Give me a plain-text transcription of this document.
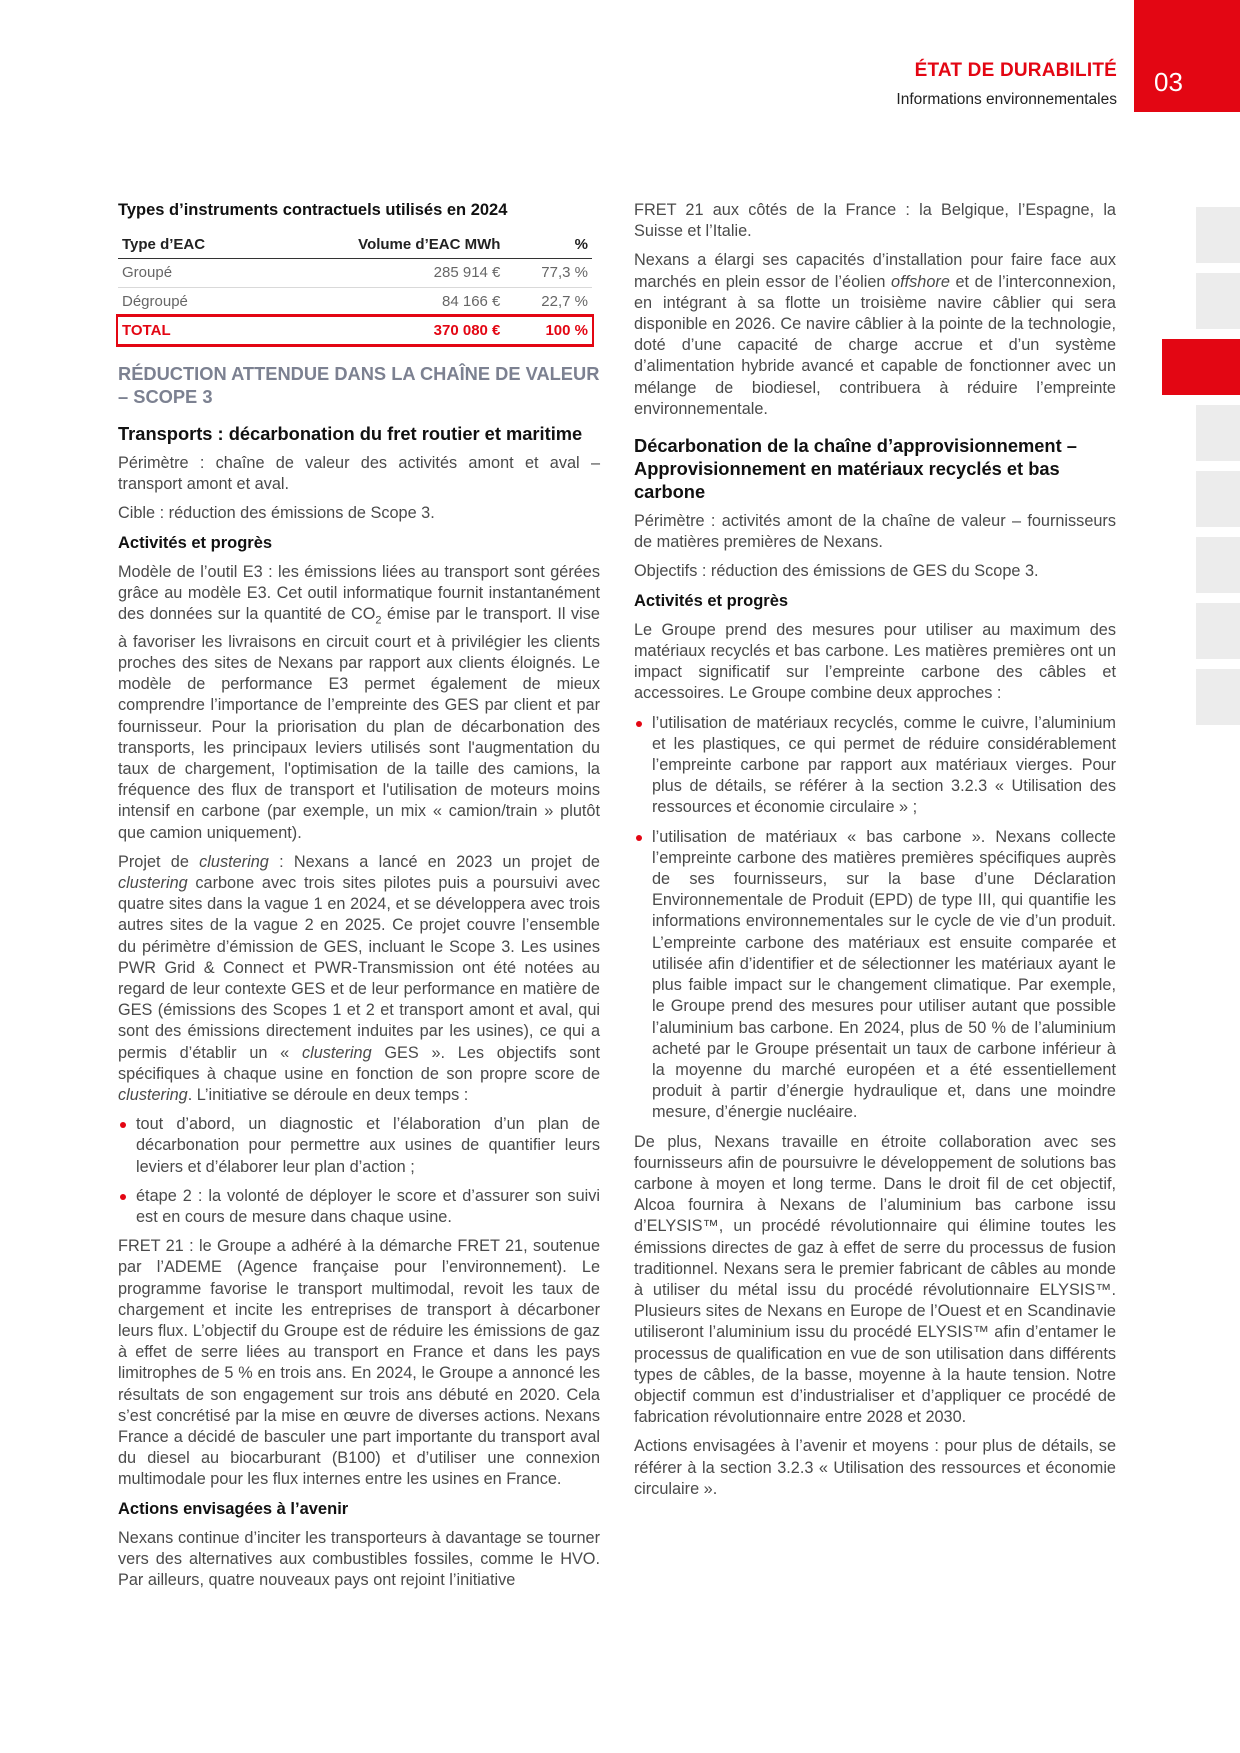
ÉTAT DE DURABILITÉ
Informations environnementales
03
Types d’instruments contractuels utilisés en 2024
Type d’EAC	Volume d’EAC MWh	%
Groupé	285 914 €	77,3 %
Dégroupé	84 166 €	22,7 %
TOTAL	370 080 €	100 %
RÉDUCTION ATTENDUE DANS LA CHAÎNE DE VALEUR – SCOPE 3
Transports : décarbonation du fret routier et maritime

Périmètre : chaîne de valeur des activités amont et aval – transport amont et aval.

Cible : réduction des émissions de Scope 3.

Activités et progrès

Modèle de l’outil E3 : les émissions liées au transport sont gérées grâce au modèle E3. Cet outil informatique fournit instantanément des données sur la quantité de $CO_2$ émise par le transport. Il vise à favoriser les livraisons en circuit court et à privilégier les clients proches des sites de Nexans par rapport aux clients éloignés. Le modèle de performance E3 permet également de mieux comprendre l’importance de l’empreinte des GES par client et par fournisseur. Pour la priorisation du plan de décarbonation des transports, les principaux leviers utilisés sont l'augmentation du taux de chargement, l'optimisation de la taille des camions, la fréquence des flux de transport et l'utilisation de moteurs moins intensif en carbone (par exemple, un mix « camion/train » plutôt que camion uniquement).

Projet de clustering : Nexans a lancé en 2023 un projet de clustering carbone avec trois sites pilotes puis a poursuivi avec quatre sites dans la vague 1 en 2024, et se développera avec trois autres sites de la vague 2 en 2025. Ce projet couvre l’ensemble du périmètre d’émission de GES, incluant le Scope 3. Les usines PWR Grid & Connect et PWR-Transmission ont été notées au regard de leur contexte GES et de leur performance en matière de GES (émissions des Scopes 1 et 2 et transport amont et aval, qui sont des émissions directement induites par les usines), ce qui a permis d’établir un « clustering GES ». Les objectifs sont spécifiques à chaque usine en fonction de son propre score de clustering. L’initiative se déroule en deux temps :

tout d’abord, un diagnostic et l’élaboration d’un plan de décarbonation pour permettre aux usines de quantifier leurs leviers et d’élaborer leur plan d’action ;
étape 2 : la volonté de déployer le score et d’assurer son suivi est en cours de mesure dans chaque usine.

FRET 21 : le Groupe a adhéré à la démarche FRET 21, soutenue par l’ADEME (Agence française pour l’environnement). Le programme favorise le transport multimodal, revoit les taux de chargement et incite les entreprises de transport à décarboner leurs flux. L’objectif du Groupe est de réduire les émissions de gaz à effet de serre liées au transport en France et dans les pays limitrophes de 5 % en trois ans. En 2024, le Groupe a annoncé les résultats de son engagement sur trois ans débuté en 2020. Cela s’est concrétisé par la mise en œuvre de diverses actions. Nexans France a décidé de basculer une part importante du transport aval du diesel au biocarburant (B100) et d’utiliser une connexion multimodale pour les flux internes entre les usines en France.

Actions envisagées à l’avenir

Nexans continue d’inciter les transporteurs à davantage se tourner vers des alternatives aux combustibles fossiles, comme le HVO. Par ailleurs, quatre nouveaux pays ont rejoint l’initiative

FRET 21 aux côtés de la France : la Belgique, l’Espagne, la Suisse et l’Italie.

Nexans a élargi ses capacités d’installation pour faire face aux marchés en plein essor de l’éolien offshore et de l’interconnexion, en intégrant à sa flotte un troisième navire câblier qui sera disponible en 2026. Ce navire câblier à la pointe de la technologie, doté d’une capacité de charge accrue et d’un système d’alimentation hybride avancé et capable de fonctionner avec un mélange de biodiesel, contribuera à réduire l’empreinte environnementale.

Décarbonation de la chaîne d’approvisionnement – Approvisionnement en matériaux recyclés et bas carbone

Périmètre : activités amont de la chaîne de valeur – fournisseurs de matières premières de Nexans.

Objectifs : réduction des émissions de GES du Scope 3.

Activités et progrès

Le Groupe prend des mesures pour utiliser au maximum des matériaux recyclés et bas carbone. Les matières premières ont un impact significatif sur l’empreinte carbone des câbles et accessoires. Le Groupe combine deux approches :

l’utilisation de matériaux recyclés, comme le cuivre, l’aluminium et les plastiques, ce qui permet de réduire considérablement l’empreinte carbone par rapport aux matériaux vierges. Pour plus de détails, se référer à la section 3.2.3 « Utilisation des ressources et économie circulaire » ;
l’utilisation de matériaux « bas carbone ». Nexans collecte l’empreinte carbone des matières premières spécifiques auprès de ses fournisseurs, sur la base d’une Déclaration Environnementale de Produit (EPD) de type III, qui quantifie les informations environnementales sur le cycle de vie d’un produit. L’empreinte carbone des matériaux est ensuite comparée et utilisée afin d’identifier et de sélectionner les matériaux ayant le plus faible impact sur le changement climatique. Par exemple, le Groupe prend des mesures pour utiliser autant que possible l’aluminium bas carbone. En 2024, plus de 50 % de l’aluminium acheté par le Groupe présentait un taux de carbone inférieur à la moyenne du marché européen et a été essentiellement produit à partir d’énergie hydraulique et, dans une moindre mesure, d’énergie nucléaire.

De plus, Nexans travaille en étroite collaboration avec ses fournisseurs afin de poursuivre le développement de solutions bas carbone à moyen et long terme. Dans le droit fil de cet objectif, Alcoa fournira à Nexans de l’aluminium bas carbone issu d’ELYSIS™, un procédé révolutionnaire qui élimine toutes les émissions directes de gaz à effet de serre du processus de fusion traditionnel. Nexans sera le premier fabricant de câbles au monde à utiliser du métal issu du procédé révolutionnaire ELYSIS™. Plusieurs sites de Nexans en Europe de l’Ouest et en Scandinavie utiliseront l’aluminium issu du procédé ELYSIS™ afin d’entamer le processus de qualification en vue de son utilisation dans différents types de câbles, de la basse, moyenne à la haute tension. Notre objectif commun est d’industrialiser et d’appliquer ce procédé de fabrication révolutionnaire entre 2028 et 2030.

Actions envisagées à l’avenir et moyens : pour plus de détails, se référer à la section 3.2.3 « Utilisation des ressources et économie circulaire ».
